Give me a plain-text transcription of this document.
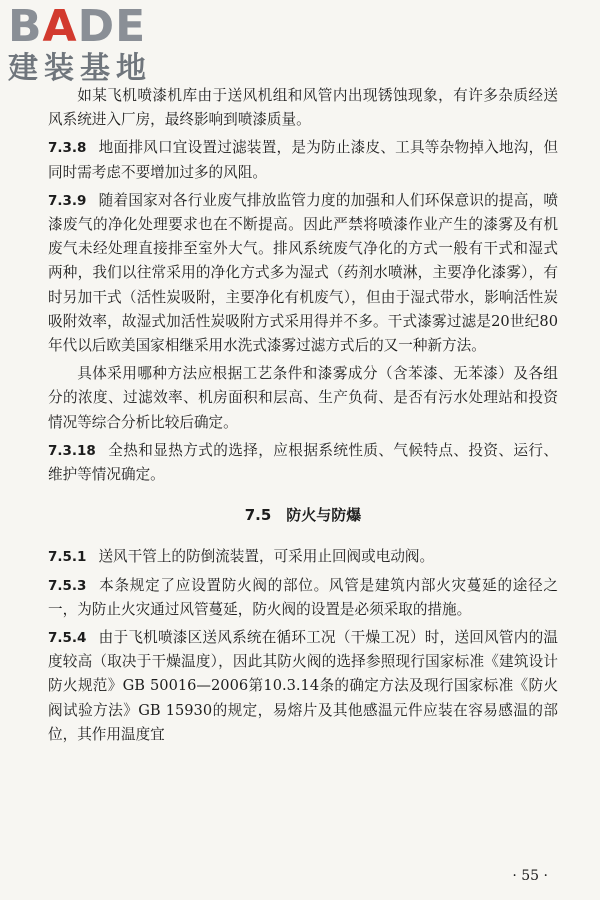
BADE
建装基地

如某飞机喷漆机库由于送风机组和风管内出现锈蚀现象，有许多杂质经送风系统进入厂房，最终影响到喷漆质量。

7.3.8 地面排风口宜设置过滤装置，是为防止漆皮、工具等杂物掉入地沟，但同时需考虑不要增加过多的风阻。

7.3.9 随着国家对各行业废气排放监管力度的加强和人们环保意识的提高，喷漆废气的净化处理要求也在不断提高。因此严禁将喷漆作业产生的漆雾及有机废气未经处理直接排至室外大气。排风系统废气净化的方式一般有干式和湿式两种，我们以往常采用的净化方式多为湿式（药剂水喷淋，主要净化漆雾），有时另加干式（活性炭吸附，主要净化有机废气），但由于湿式带水，影响活性炭吸附效率，故湿式加活性炭吸附方式采用得并不多。干式漆雾过滤是20世纪80年代以后欧美国家相继采用水洗式漆雾过滤方式后的又一种新方法。

具体采用哪种方法应根据工艺条件和漆雾成分（含苯漆、无苯漆）及各组分的浓度、过滤效率、机房面积和层高、生产负荷、是否有污水处理站和投资情况等综合分析比较后确定。

7.3.18 全热和显热方式的选择，应根据系统性质、气候特点、投资、运行、维护等情况确定。

7.5　防火与防爆

7.5.1 送风干管上的防倒流装置，可采用止回阀或电动阀。

7.5.3 本条规定了应设置防火阀的部位。风管是建筑内部火灾蔓延的途径之一，为防止火灾通过风管蔓延，防火阀的设置是必须采取的措施。

7.5.4 由于飞机喷漆区送风系统在循环工况（干燥工况）时，送回风管内的温度较高（取决于干燥温度），因此其防火阀的选择参照现行国家标准《建筑设计防火规范》GB 50016—2006第10.3.14条的确定方法及现行国家标准《防火阀试验方法》GB 15930的规定，易熔片及其他感温元件应装在容易感温的部位，其作用温度宜

· 55 ·
